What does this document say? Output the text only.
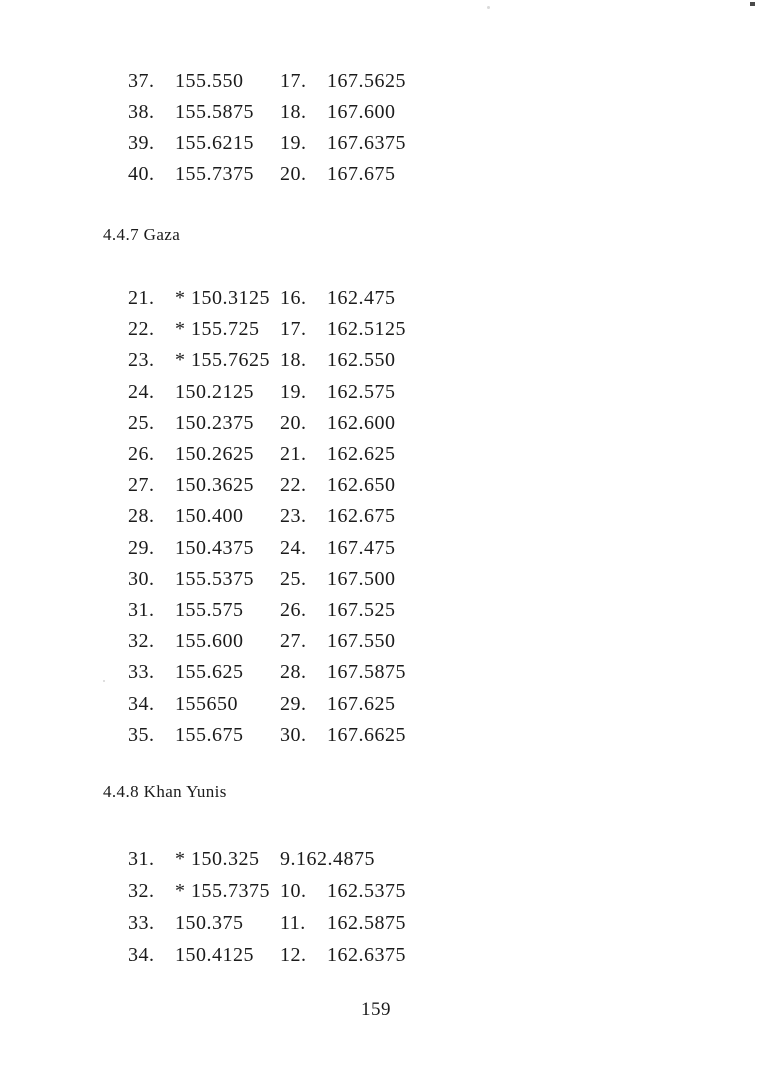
37.	155.550	17.	167.5625
38.	155.5875	18.	167.600
39.	155.6215	19.	167.6375
40.	155.7375	20.	167.675
4.4.7 Gaza
21.	* 150.3125 16.	162.475
22.	* 155.725	17.	162.5125
23.	* 155.7625 18.	162.550
24.	150.2125	19.	162.575
25.	150.2375	20.	162.600
26.	150.2625	21.	162.625
27.	150.3625	22.	162.650
28.	150.400	23.	162.675
29.	150.4375	24.	167.475
30.	155.5375	25.	167.500
31.	155.575	26.	167.525
32.	155.600	27.	167.550
33.	155.625	28.	167.5875
34.	155650	29.	167.625
35.	155.675	30.	167.6625
4.4.8 Khan Yunis
31.	* 150.325	9. 162.4875
32.	* 155.7375 10.	162.5375
33.	150.375	11.	162.5875
34.	150.4125	12.	162.6375
159
